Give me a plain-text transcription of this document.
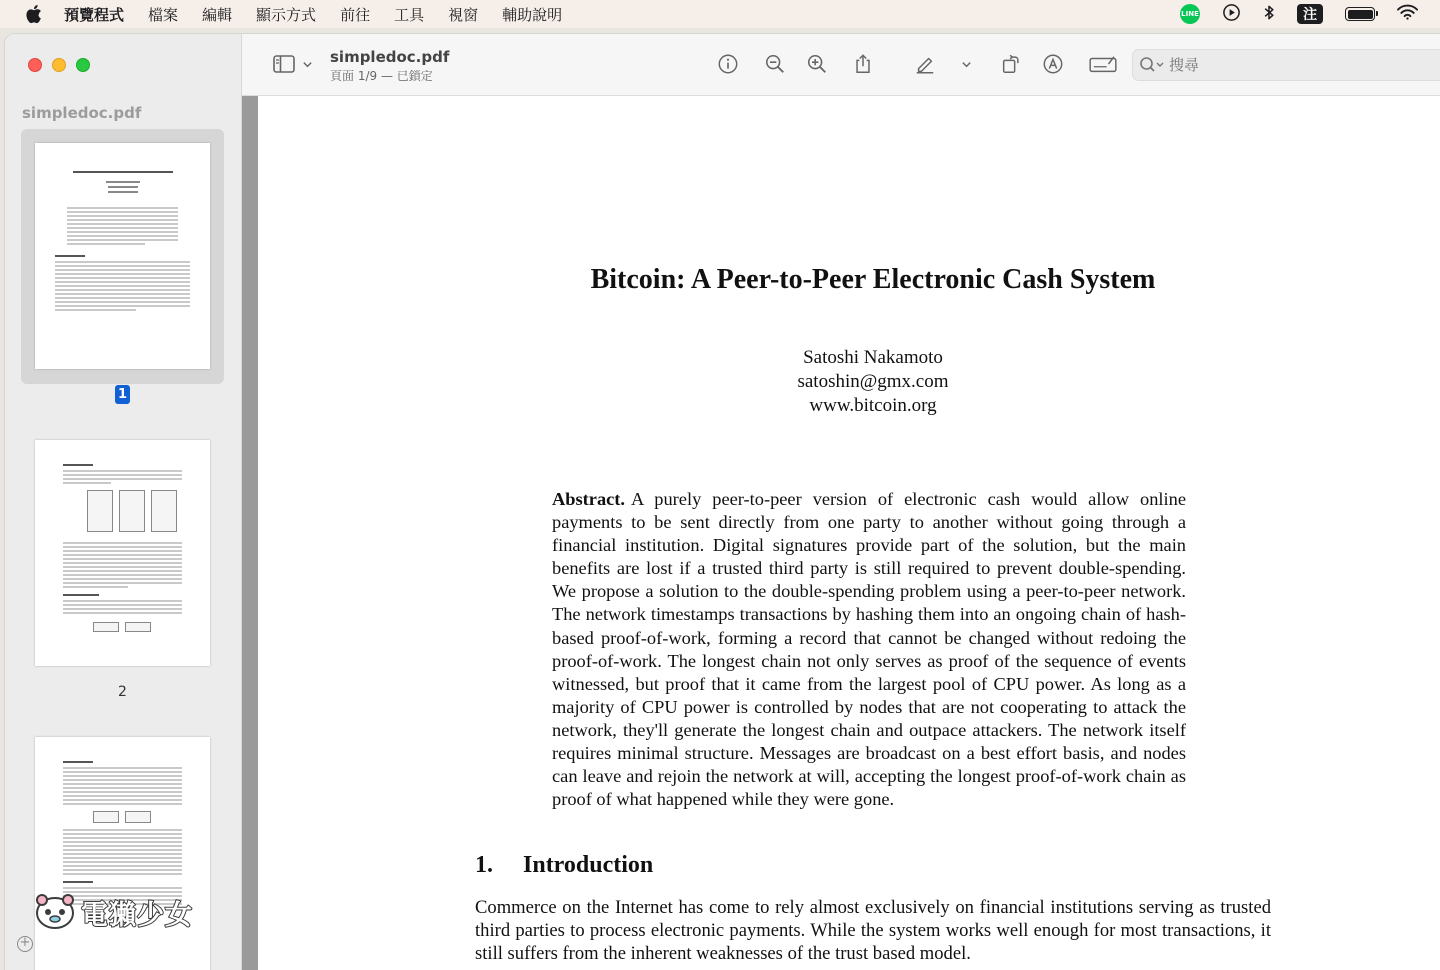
預覽程式 檔案 編輯 顯示方式 前往 工具 視窗 輔助說明	LINE	注
simpledoc.pdf
1
2
電獺少女
+
simpledoc.pdf
頁面 1/9 — 已鎖定
搜尋
Bitcoin: A Peer-to-Peer Electronic Cash System
Satoshi Nakamoto
satoshin@gmx.com
www.bitcoin.org
Abstract. A purely peer-to-peer version of electronic cash would allow online payments to be sent directly from one party to another without going through a financial institution. Digital signatures provide part of the solution, but the main benefits are lost if a trusted third party is still required to prevent double-spending. We propose a solution to the double-spending problem using a peer-to-peer network. The network timestamps transactions by hashing them into an ongoing chain of hash-based proof-of-work, forming a record that cannot be changed without redoing the proof-of-work. The longest chain not only serves as proof of the sequence of events witnessed, but proof that it came from the largest pool of CPU power. As long as a majority of CPU power is controlled by nodes that are not cooperating to attack the network, they'll generate the longest chain and outpace attackers. The network itself requires minimal structure. Messages are broadcast on a best effort basis, and nodes can leave and rejoin the network at will, accepting the longest proof-of-work chain as proof of what happened while they were gone.
1. Introduction
Commerce on the Internet has come to rely almost exclusively on financial institutions serving as trusted third parties to process electronic payments. While the system works well enough for most transactions, it still suffers from the inherent weaknesses of the trust based model.
